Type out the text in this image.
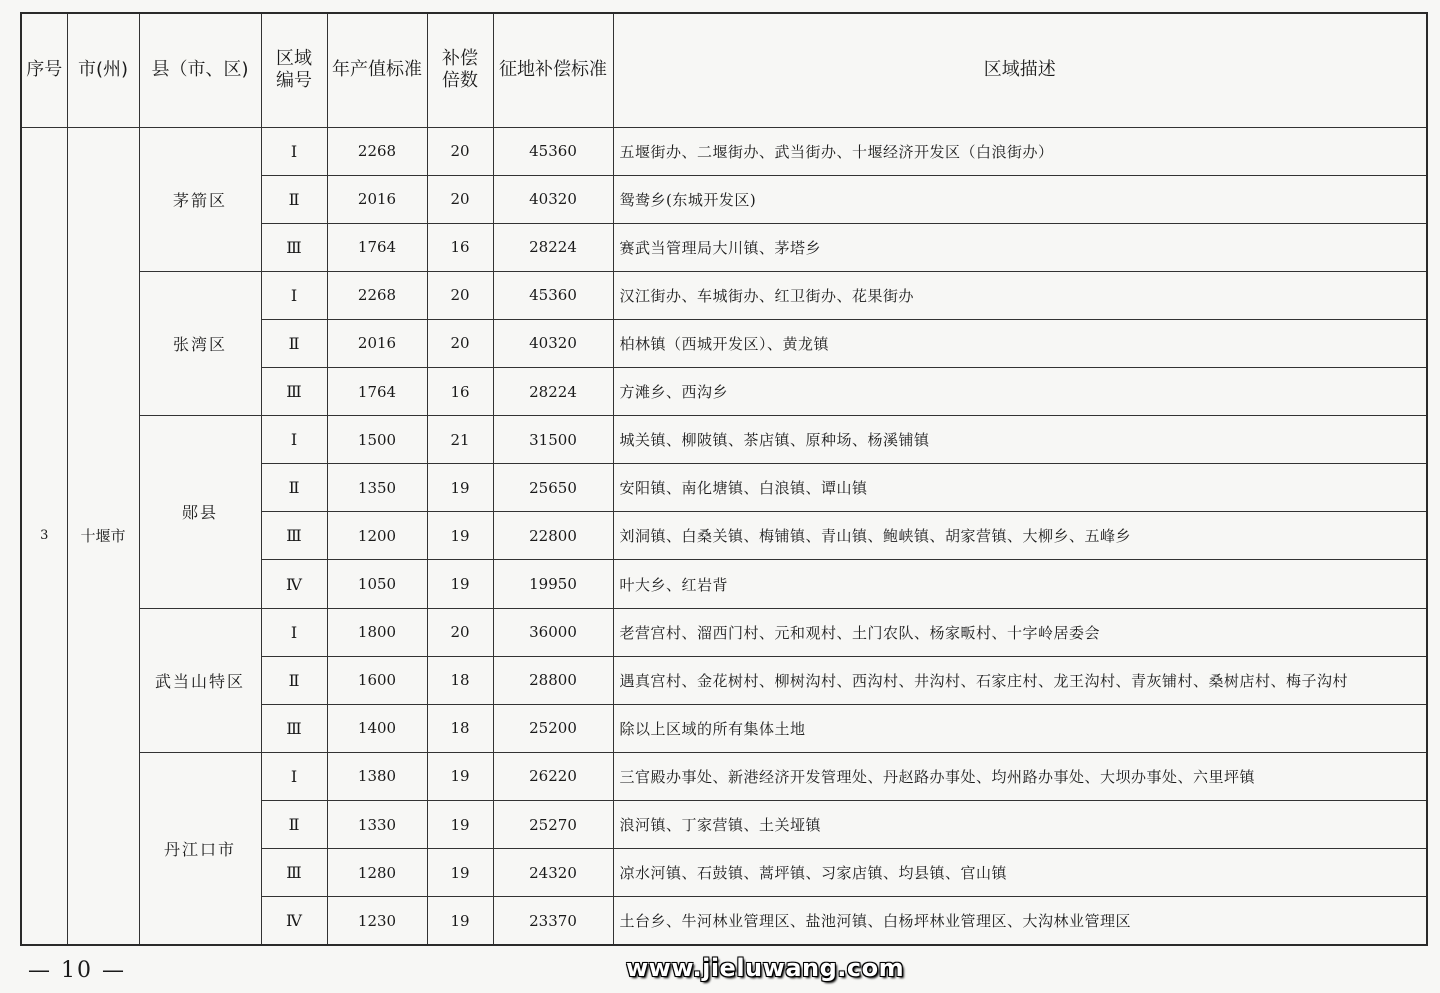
序号	市(州)	县（市、区)	区域编号	年产值标准	补偿倍数	征地补偿标准	区域描述
3	十堰市	茅箭区	Ⅰ	2268	20	45360	五堰街办、二堰街办、武当街办、十堰经济开发区（白浪街办）
			Ⅱ	2016	20	40320	鸳鸯乡(东城开发区)
			Ⅲ	1764	16	28224	赛武当管理局大川镇、茅塔乡
		张湾区	Ⅰ	2268	20	45360	汉江街办、车城街办、红卫街办、花果街办
			Ⅱ	2016	20	40320	柏林镇（西城开发区）、黄龙镇
			Ⅲ	1764	16	28224	方滩乡、西沟乡
		郧县	Ⅰ	1500	21	31500	城关镇、柳陂镇、茶店镇、原种场、杨溪铺镇
			Ⅱ	1350	19	25650	安阳镇、南化塘镇、白浪镇、谭山镇
			Ⅲ	1200	19	22800	刘洞镇、白桑关镇、梅铺镇、青山镇、鲍峡镇、胡家营镇、大柳乡、五峰乡
			Ⅳ	1050	19	19950	叶大乡、红岩背
		武当山特区	Ⅰ	1800	20	36000	老营宫村、溜西门村、元和观村、土门农队、杨家畈村、十字岭居委会
			Ⅱ	1600	18	28800	遇真宫村、金花树村、柳树沟村、西沟村、井沟村、石家庄村、龙王沟村、青灰铺村、桑树店村、梅子沟村
			Ⅲ	1400	18	25200	除以上区域的所有集体土地
		丹江口市	Ⅰ	1380	19	26220	三官殿办事处、新港经济开发管理处、丹赵路办事处、均州路办事处、大坝办事处、六里坪镇
			Ⅱ	1330	19	25270	浪河镇、丁家营镇、土关垭镇
			Ⅲ	1280	19	24320	凉水河镇、石鼓镇、蒿坪镇、习家店镇、均县镇、官山镇
			Ⅳ	1230	19	23370	土台乡、牛河林业管理区、盐池河镇、白杨坪林业管理区、大沟林业管理区
— 10 —	www.jieluwang.com
